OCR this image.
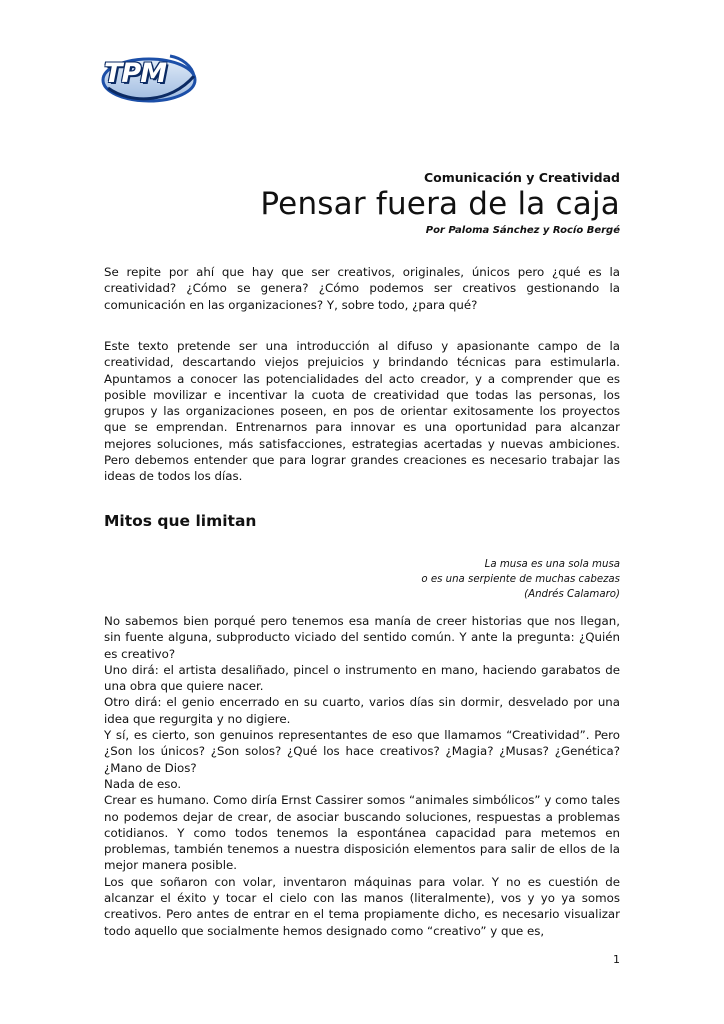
TPM
Comunicación y Creatividad
Pensar fuera de la caja
Por Paloma Sánchez y Rocío Bergé

Se repite por ahí que hay que ser creativos, originales, únicos pero ¿qué es la creatividad? ¿Cómo se genera? ¿Cómo podemos ser creativos gestionando la comunicación en las organizaciones? Y, sobre todo, ¿para qué?

Este texto pretende ser una introducción al difuso y apasionante campo de la creatividad, descartando viejos prejuicios y brindando técnicas para estimularla. Apuntamos a conocer las potencialidades del acto creador, y a comprender que es posible movilizar e incentivar la cuota de creatividad que todas las personas, los grupos y las organizaciones poseen, en pos de orientar exitosamente los proyectos que se emprendan. Entrenarnos para innovar es una oportunidad para alcanzar mejores soluciones, más satisfacciones, estrategias acertadas y nuevas ambiciones. Pero debemos entender que para lograr grandes creaciones es necesario trabajar las ideas de todos los días.

Mitos que limitan
La musa es una sola musa
o es una serpiente de muchas cabezas
(Andrés Calamaro)

No sabemos bien porqué pero tenemos esa manía de creer historias que nos llegan, sin fuente alguna, subproducto viciado del sentido común. Y ante la pregunta: ¿Quién es creativo?

Uno dirá: el artista desaliñado, pincel o instrumento en mano, haciendo garabatos de una obra que quiere nacer.

Otro dirá: el genio encerrado en su cuarto, varios días sin dormir, desvelado por una idea que regurgita y no digiere.

Y sí, es cierto, son genuinos representantes de eso que llamamos “Creatividad”. Pero ¿Son los únicos? ¿Son solos? ¿Qué los hace creativos? ¿Magia? ¿Musas? ¿Genética? ¿Mano de Dios?

Nada de eso.

Crear es humano. Como diría Ernst Cassirer somos “animales simbólicos” y como tales no podemos dejar de crear, de asociar buscando soluciones, respuestas a problemas cotidianos. Y como todos tenemos la espontánea capacidad para metemos en problemas, también tenemos a nuestra disposición elementos para salir de ellos de la mejor manera posible.

Los que soñaron con volar, inventaron máquinas para volar. Y no es cuestión de alcanzar el éxito y tocar el cielo con las manos (literalmente), vos y yo ya somos creativos. Pero antes de entrar en el tema propiamente dicho, es necesario visualizar todo aquello que socialmente hemos designado como “creativo” y que es,

1
